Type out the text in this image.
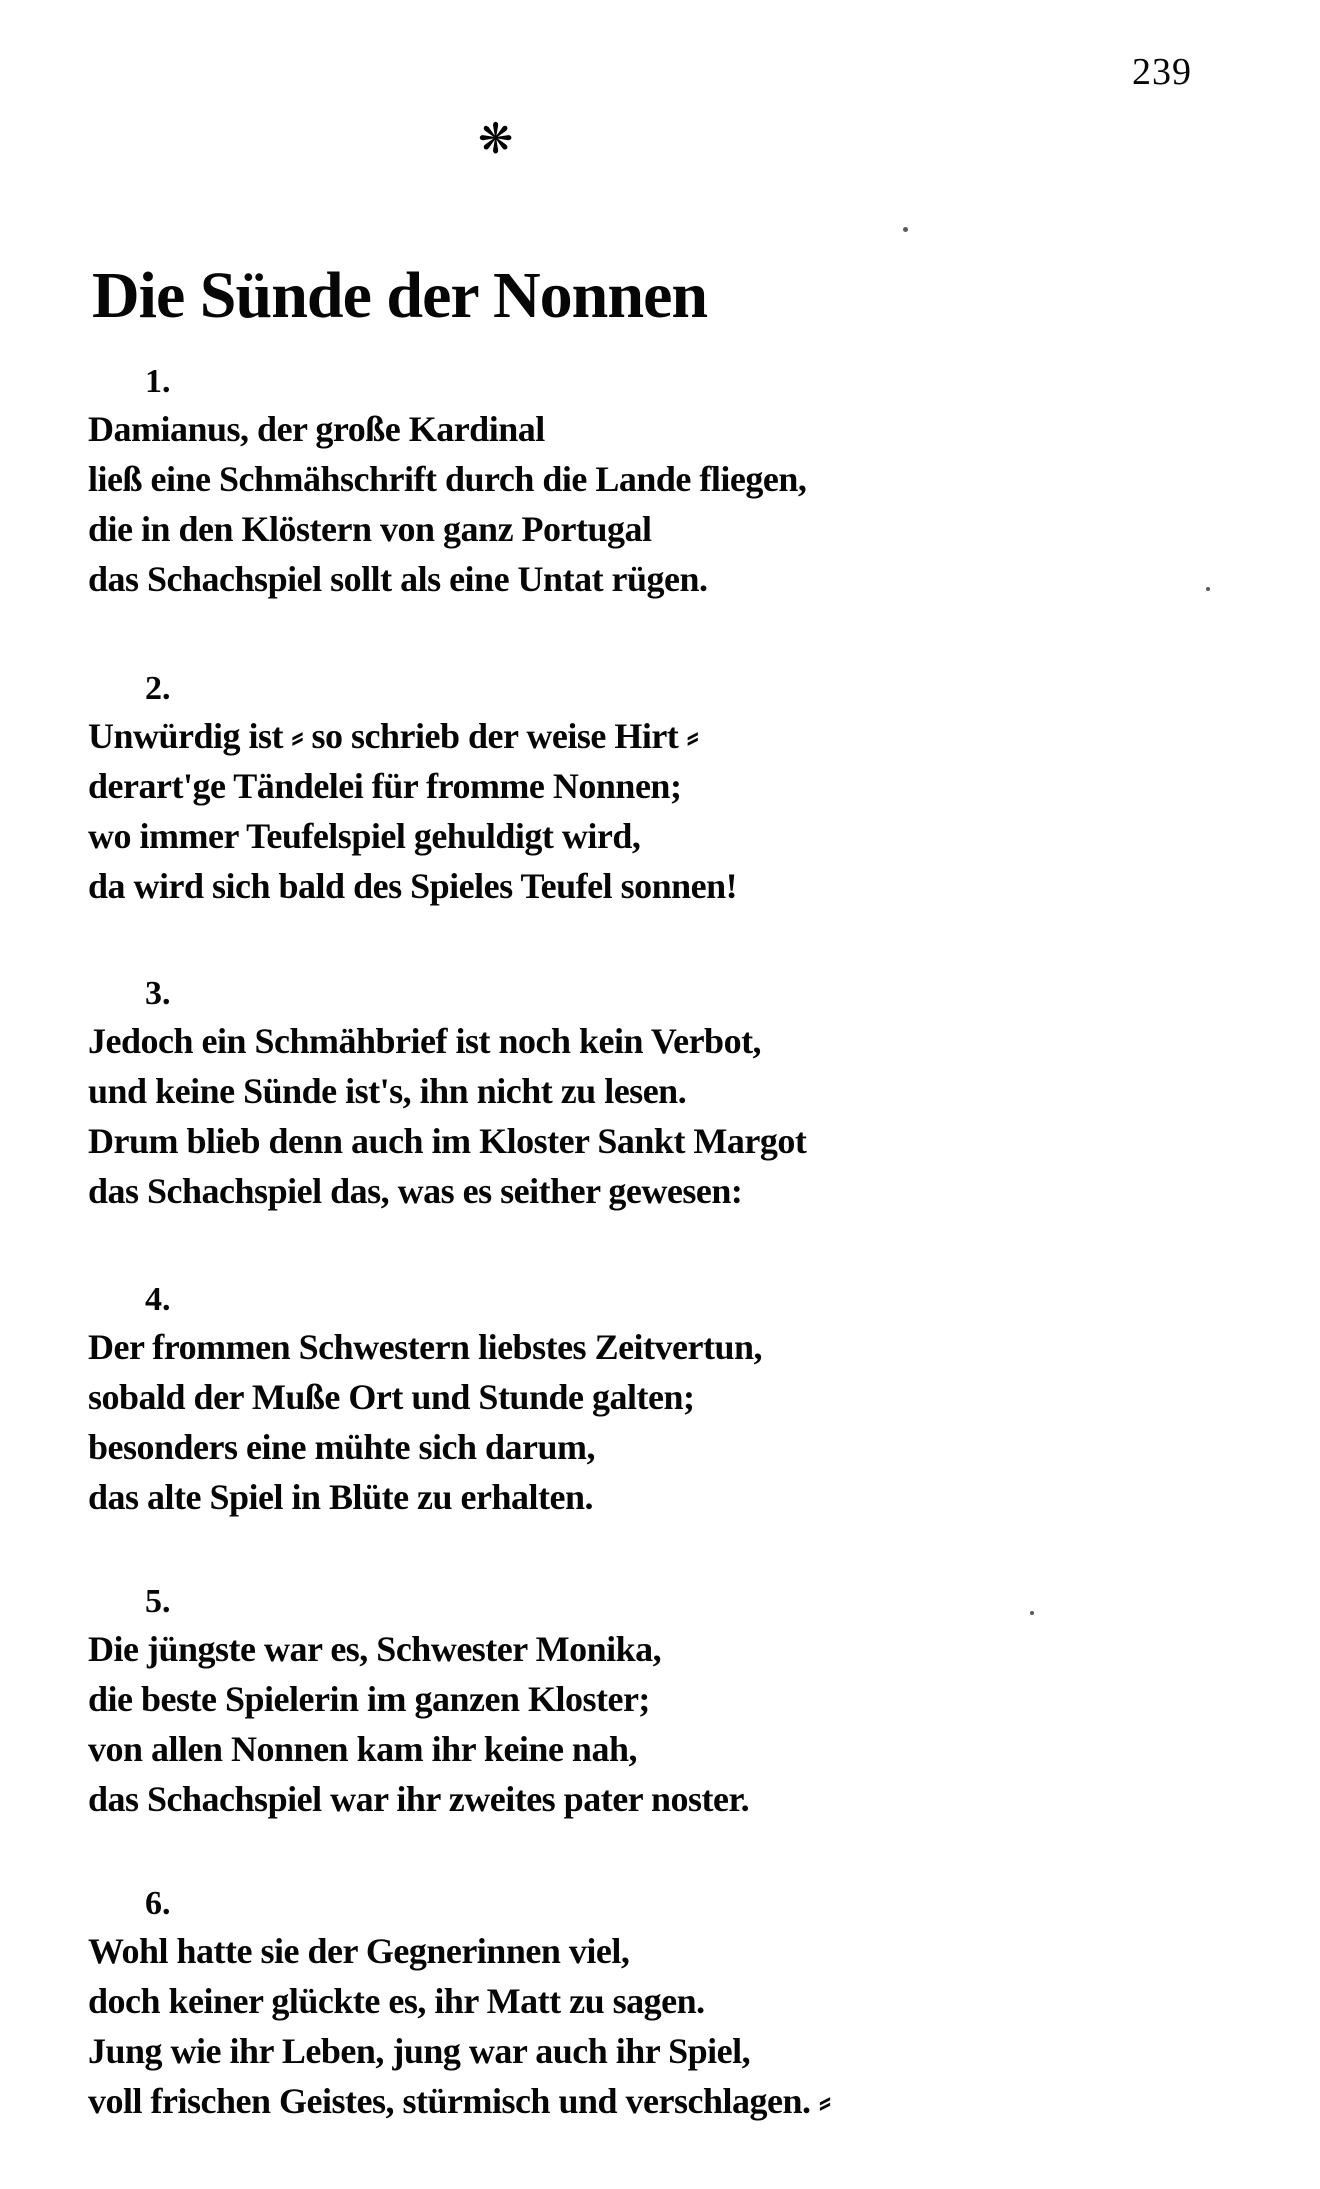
239
❋
Die Sünde der Nonnen
1.
Damianus, der große Kardinal
ließ eine Schmähschrift durch die Lande fliegen,
die in den Klöstern von ganz Portugal
das Schachspiel sollt als eine Untat rügen.
2.
Unwürdig ist ⸗ so schrieb der weise Hirt ⸗
derart'ge Tändelei für fromme Nonnen;
wo immer Teufelspiel gehuldigt wird,
da wird sich bald des Spieles Teufel sonnen!
3.
Jedoch ein Schmähbrief ist noch kein Verbot,
und keine Sünde ist's, ihn nicht zu lesen.
Drum blieb denn auch im Kloster Sankt Margot
das Schachspiel das, was es seither gewesen:
4.
Der frommen Schwestern liebstes Zeitvertun,
sobald der Muße Ort und Stunde galten;
besonders eine mühte sich darum,
das alte Spiel in Blüte zu erhalten.
5.
Die jüngste war es, Schwester Monika,
die beste Spielerin im ganzen Kloster;
von allen Nonnen kam ihr keine nah,
das Schachspiel war ihr zweites pater noster.
6.
Wohl hatte sie der Gegnerinnen viel,
doch keiner glückte es, ihr Matt zu sagen.
Jung wie ihr Leben, jung war auch ihr Spiel,
voll frischen Geistes, stürmisch und verschlagen. ⸗
